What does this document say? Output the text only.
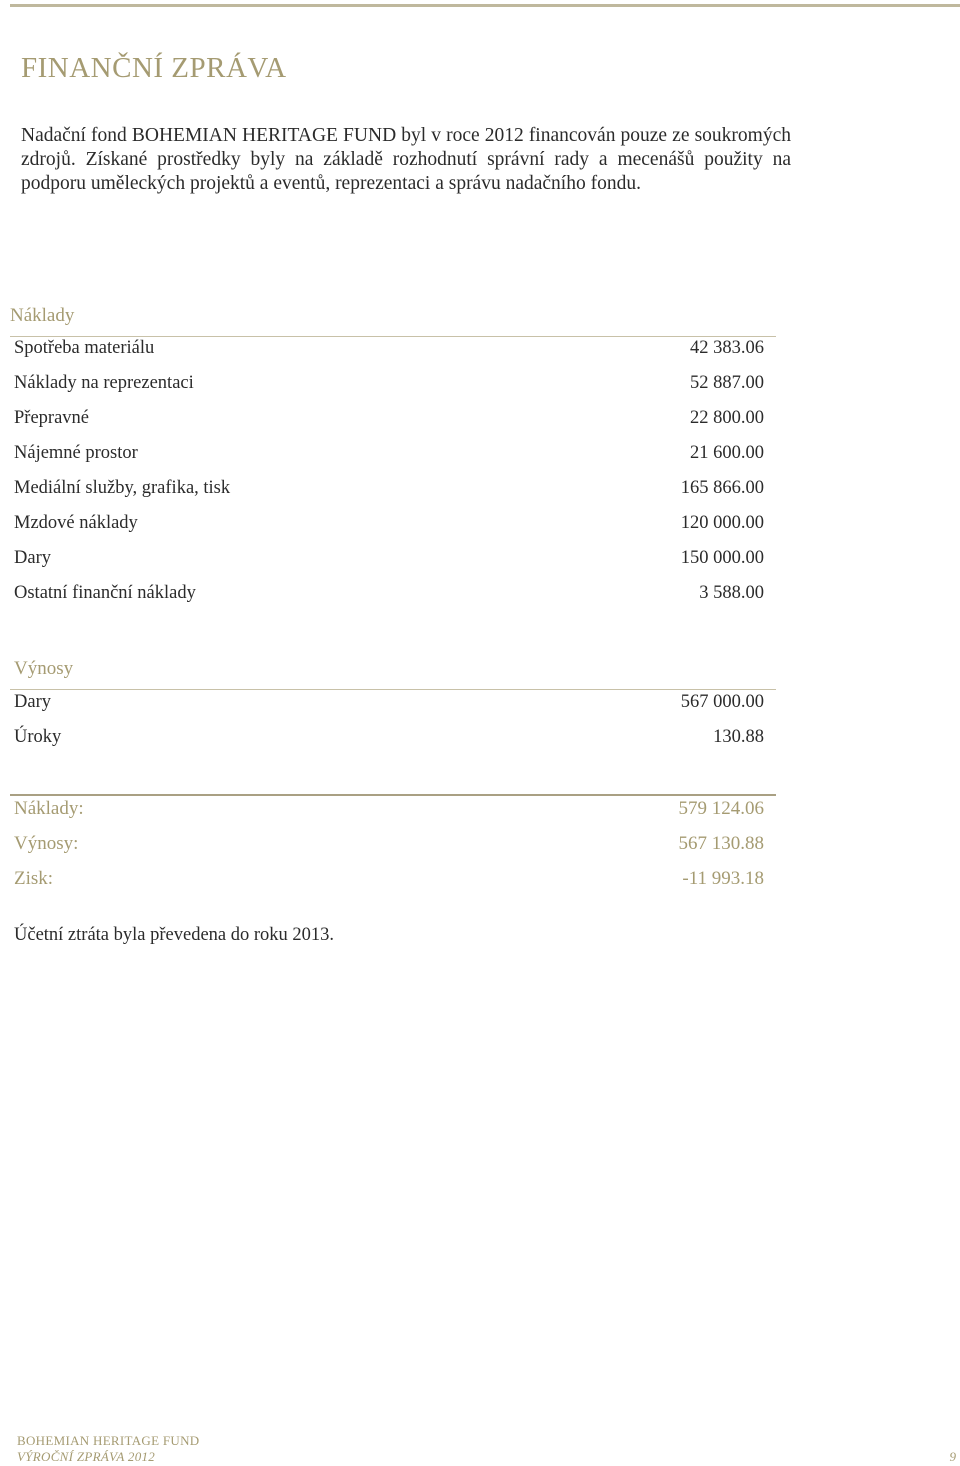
FINANČNÍ ZPRÁVA

Nadační fond BOHEMIAN HERITAGE FUND byl v roce 2012 financován pouze ze soukromých zdrojů. Získané prostředky byly na základě rozhodnutí správní rady a mecenášů použity na podporu uměleckých projektů a eventů, reprezentaci a správu nadačního fondu.

Náklady
Spotřeba materiálu	42 383.06
Náklady na reprezentaci	52 887.00
Přepravné	22 800.00
Nájemné prostor	21 600.00
Mediální služby, grafika, tisk	165 866.00
Mzdové náklady	120 000.00
Dary	150 000.00
Ostatní finanční náklady	3 588.00
Výnosy
Dary	567 000.00
Úroky	130.88
Náklady:	579 124.06
Výnosy:	567 130.88
Zisk:	-11 993.18

Účetní ztráta byla převedena do roku 2013.

BOHEMIAN HERITAGE FUND

VÝROČNÍ ZPRÁVA 2012	9
